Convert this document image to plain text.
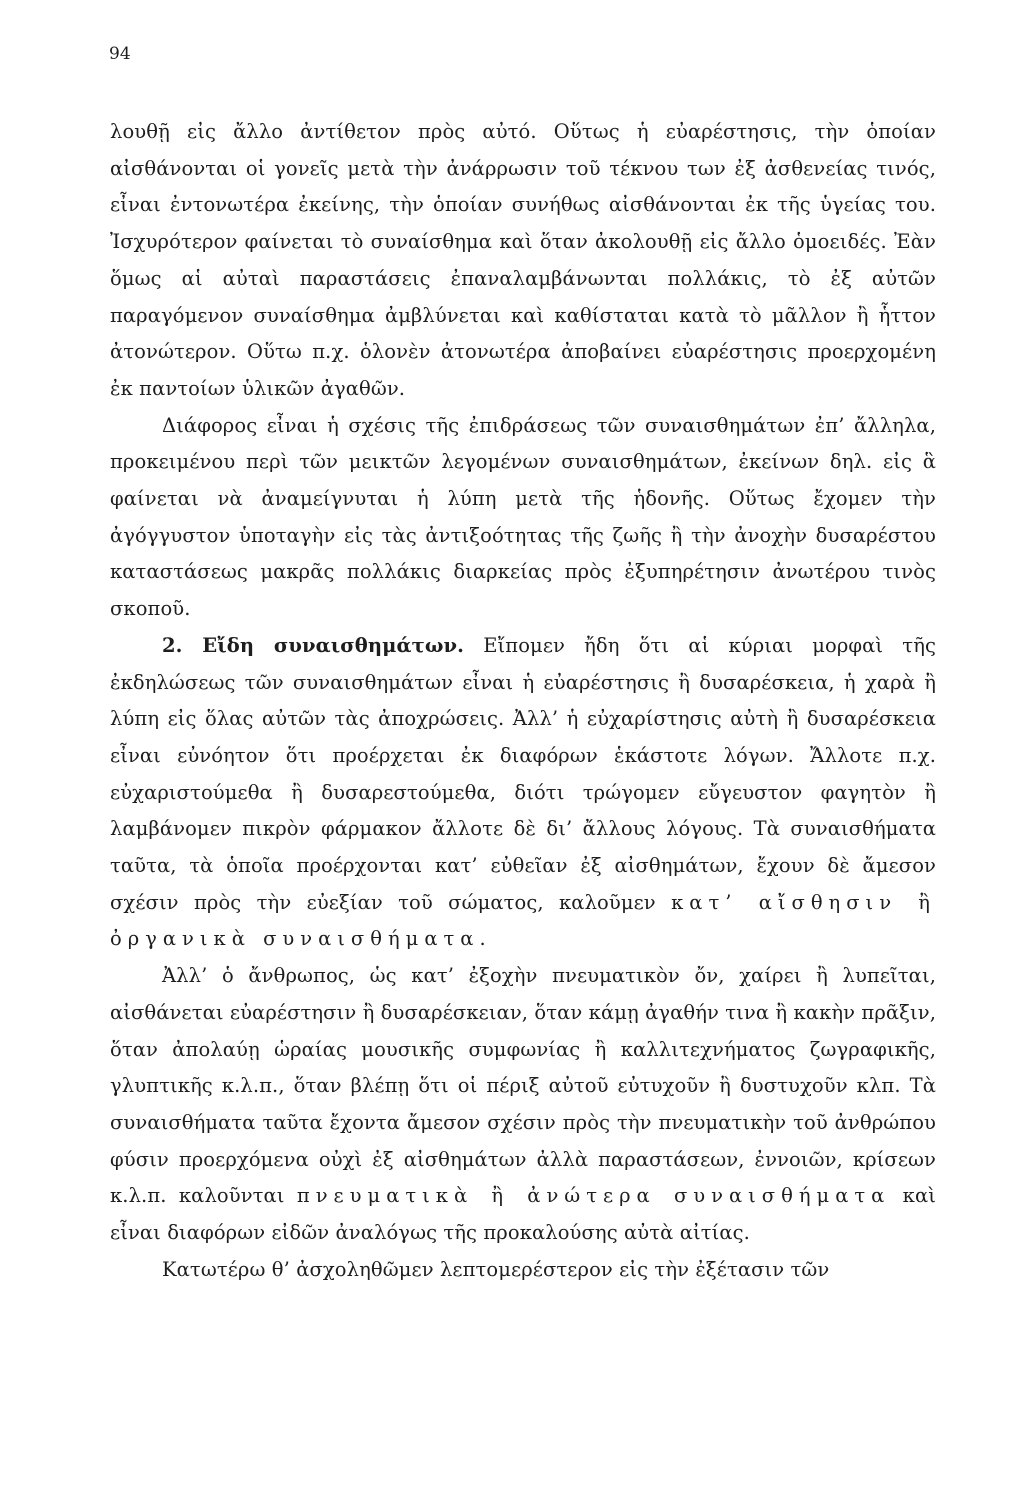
94

λουθῇ εἰς ἄλλο ἀντίθετον πρὸς αὐτό. Οὕτως ἡ εὐαρέστησις, τὴν ὁποίαν αἰσθάνονται οἱ γονεῖς μετὰ τὴν ἀνάρρωσιν τοῦ τέκνου των ἐξ ἀσθενείας τινός, εἶναι ἐντονωτέρα ἐκείνης, τὴν ὁποίαν συνήθως αἰσθάνονται ἐκ τῆς ὑγείας του. Ἰσχυρότερον φαίνεται τὸ συναίσθημα καὶ ὅταν ἀκολουθῇ εἰς ἄλλο ὁμοειδές. Ἐὰν ὅμως αἱ αὐταὶ παραστάσεις ἐπαναλαμβάνωνται πολλάκις, τὸ ἐξ αὐτῶν παραγόμενον συναίσθημα ἀμβλύνεται καὶ καθίσταται κατὰ τὸ μᾶλλον ἢ ἧττον ἀτονώτερον. Οὕτω π.χ. ὁλονὲν ἀτονωτέρα ἀποβαίνει εὐαρέστησις προερχομένη ἐκ παντοίων ὑλικῶν ἀγαθῶν.

Διάφορος εἶναι ἡ σχέσις τῆς ἐπιδράσεως τῶν συναισθημάτων ἐπ’ ἄλληλα, προκειμένου περὶ τῶν μεικτῶν λεγομένων συναισθημάτων, ἐκείνων δηλ. εἰς ἃ φαίνεται νὰ ἀναμείγνυται ἡ λύπη μετὰ τῆς ἡδονῆς. Οὕτως ἔχομεν τὴν ἀγόγγυστον ὑποταγὴν εἰς τὰς ἀντιξοότητας τῆς ζωῆς ἢ τὴν ἀνοχὴν δυσαρέστου καταστάσεως μακρᾶς πολλάκις διαρκείας πρὸς ἐξυπηρέτησιν ἀνωτέρου τινὸς σκοποῦ.

2. Εἴδη συναισθημάτων. Εἴπομεν ἤδη ὅτι αἱ κύριαι μορφαὶ τῆς ἐκδηλώσεως τῶν συναισθημάτων εἶναι ἡ εὐαρέστησις ἢ δυσαρέσκεια, ἡ χαρὰ ἢ λύπη εἰς ὅλας αὐτῶν τὰς ἀποχρώσεις. Ἀλλ’ ἡ εὐχαρίστησις αὐτὴ ἢ δυσαρέσκεια εἶναι εὐνόητον ὅτι προέρχεται ἐκ διαφόρων ἑκάστοτε λόγων. Ἄλλοτε π.χ. εὐχαριστούμεθα ἢ δυσαρεστούμεθα, διότι τρώγομεν εὔγευστον φαγητὸν ἢ λαμβάνομεν πικρὸν φάρμακον ἄλλοτε δὲ δι’ ἄλλους λόγους. Τὰ συναισθήματα ταῦτα, τὰ ὁποῖα προέρχονται κατ’ εὐθεῖαν ἐξ αἰσθημάτων, ἔχουν δὲ ἄμεσον σχέσιν πρὸς τὴν εὐεξίαν τοῦ σώματος, καλοῦμεν κατ’ αἴσθησιν ἢ ὀργανικὰ συναισθήματα.

Ἀλλ’ ὁ ἄνθρωπος, ὡς κατ’ ἐξοχὴν πνευματικὸν ὄν, χαίρει ἢ λυπεῖται, αἰσθάνεται εὐαρέστησιν ἢ δυσαρέσκειαν, ὅταν κάμῃ ἀγαθήν τινα ἢ κακὴν πρᾶξιν, ὅταν ἀπολαύῃ ὡραίας μουσικῆς συμφωνίας ἢ καλλιτεχνήματος ζωγραφικῆς, γλυπτικῆς κ.λ.π., ὅταν βλέπῃ ὅτι οἱ πέριξ αὐτοῦ εὐτυχοῦν ἢ δυστυχοῦν κλπ. Τὰ συναισθήματα ταῦτα ἔχοντα ἄμεσον σχέσιν πρὸς τὴν πνευματικὴν τοῦ ἀνθρώπου φύσιν προερχόμενα οὐχὶ ἐξ αἰσθημάτων ἀλλὰ παραστάσεων, ἐννοιῶν, κρίσεων κ.λ.π. καλοῦνται πνευματικὰ ἢ ἀνώτερα συναισθήματα καὶ εἶναι διαφόρων εἰδῶν ἀναλόγως τῆς προκαλούσης αὐτὰ αἰτίας.

Κατωτέρω θ’ ἀσχοληθῶμεν λεπτομερέστερον εἰς τὴν ἐξέτασιν τῶν
